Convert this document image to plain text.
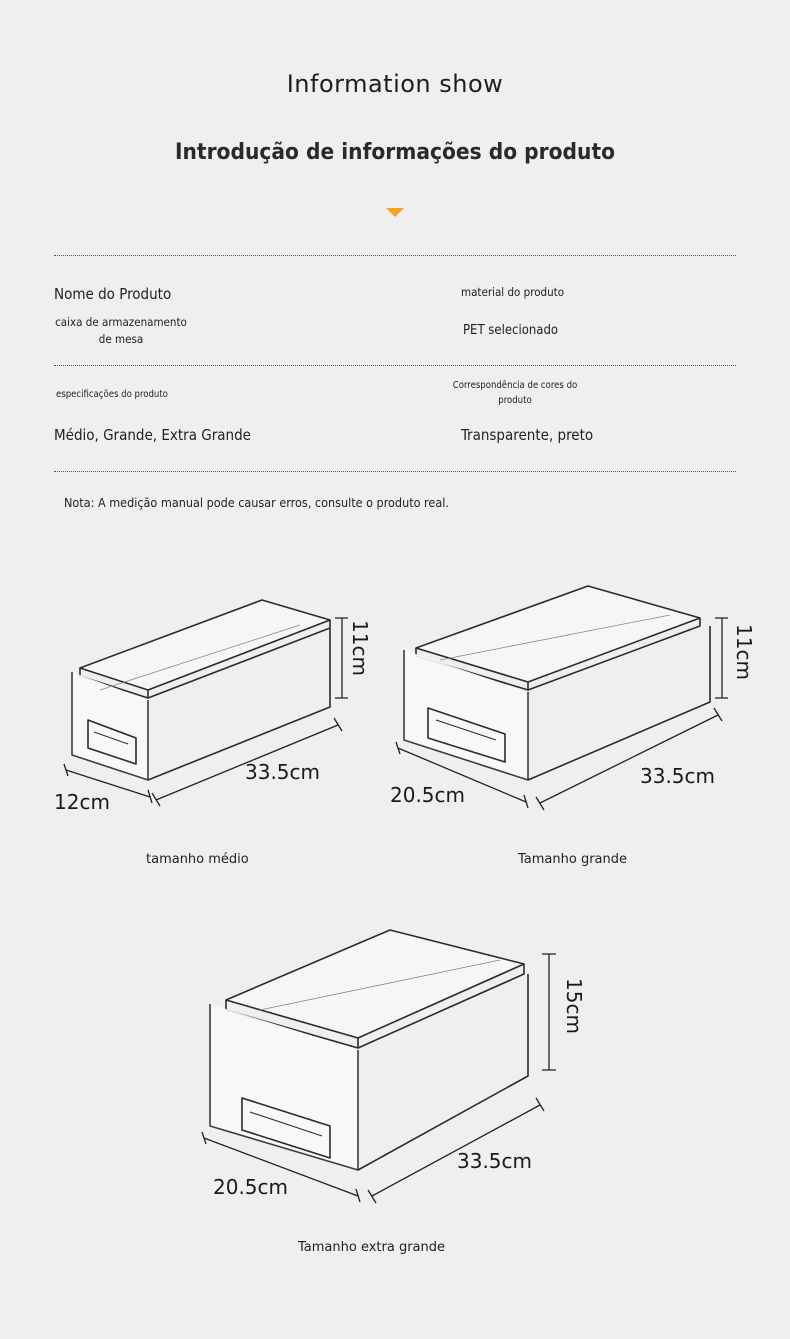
Information show
Introdução de informações do produto
Nome do Produto
caixa de armazenamento
de mesa
material do produto
PET selecionado
especificações do produto
Médio, Grande, Extra Grande
Correspondência de cores do
produto
Transparente, preto
Nota: A medição manual pode causar erros, consulte o produto real.
11cm
33.5cm
12cm
tamanho médio
11cm
33.5cm
20.5cm
Tamanho grande
15cm
33.5cm
20.5cm
Tamanho extra grande
